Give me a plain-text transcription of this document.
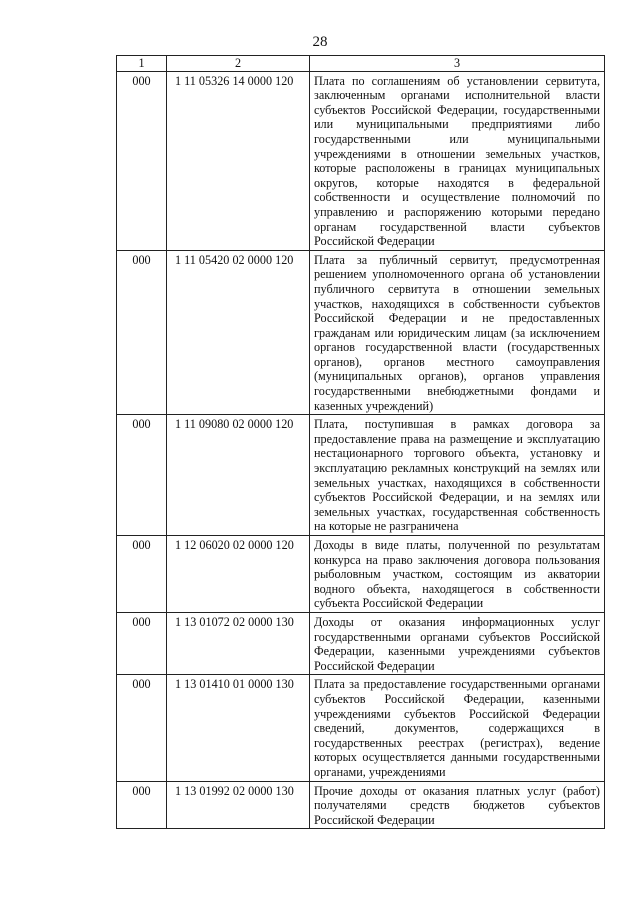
28
1	2	3
000	1 11 05326 14 0000 120	Плата по соглашениям об установлении сервитута, заключенным органами исполнительной власти субъектов Российской Федерации, государственными или муниципальными предприятиями либо государственными или муниципальными учреждениями в отношении земельных участков, которые расположены в границах муниципальных округов, которые находятся в федеральной собственности и осуществление полномочий по управлению и распоряжению которыми передано органам государственной власти субъектов Российской Федерации
000	1 11 05420 02 0000 120	Плата за публичный сервитут, предусмотренная решением уполномоченного органа об установлении публичного сервитута в отношении земельных участков, находящихся в собственности субъектов Российской Федерации и не предоставленных гражданам или юридическим лицам (за исключением органов государственной власти (государственных органов), органов местного самоуправления (муниципальных органов), органов управления государственными внебюджетными фондами и казенных учреждений)
000	1 11 09080 02 0000 120	Плата, поступившая в рамках договора за предоставление права на размещение и эксплуатацию нестационарного торгового объекта, установку и эксплуатацию рекламных конструкций на землях или земельных участках, находящихся в собственности субъектов Российской Федерации, и на землях или земельных участках, государственная собственность на которые не разграничена
000	1 12 06020 02 0000 120	Доходы в виде платы, полученной по результатам конкурса на право заключения договора пользования рыболовным участком, состоящим из акватории водного объекта, находящегося в собственности субъекта Российской Федерации
000	1 13 01072 02 0000 130	Доходы от оказания информационных услуг государственными органами субъектов Российской Федерации, казенными учреждениями субъектов Российской Федерации
000	1 13 01410 01 0000 130	Плата за предоставление государственными органами субъектов Российской Федерации, казенными учреждениями субъектов Российской Федерации сведений, документов, содержащихся в государственных реестрах (регистрах), ведение которых осуществляется данными государственными органами, учреждениями
000	1 13 01992 02 0000 130	Прочие доходы от оказания платных услуг (работ) получателями средств бюджетов субъектов Российской Федерации
